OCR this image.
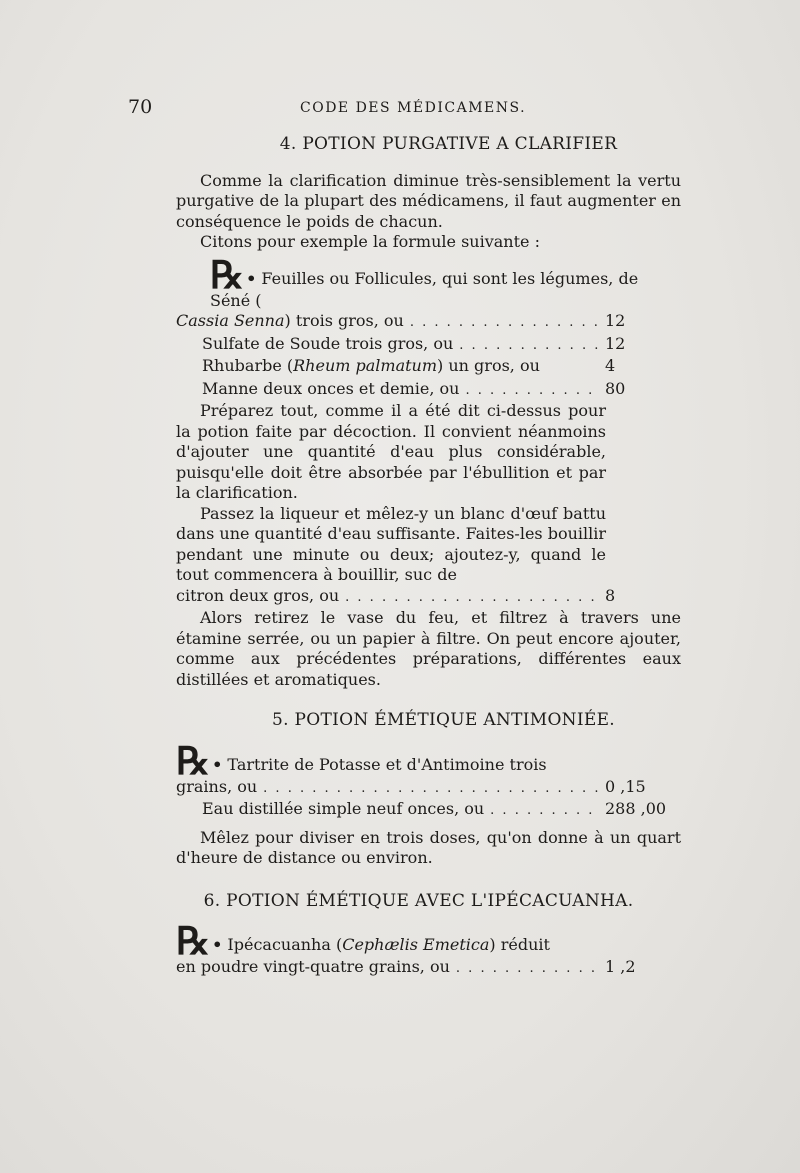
70	CODE DES MÉDICAMENS.
4. POTION PURGATIVE A CLARIFIER

Comme la clarification diminue très-sensiblement la vertu purgative de la plupart des médicamens, il faut augmenter en conséquence le poids de chacun.

Citons pour exemple la formule suivante :

℞ • Feuilles ou Follicules, qui sont les légumes, de Séné (
Cassia Senna) trois gros, ou . . .	12
Sulfate de Soude trois gros, ou . . .	12
Rhubarbe (Rheum palmatum) un gros, ou	4
Manne deux onces et demie, ou . . .	80

Préparez tout, comme il a été dit ci-dessus pour la potion faite par décoction. Il convient néanmoins d'ajouter une quantité d'eau plus considérable, puisqu'elle doit être absorbée par l'ébullition et par la clarification.

Passez la liqueur et mêlez-y un blanc d'œuf battu dans une quantité d'eau suffisante. Faites-les bouillir pendant une minute ou deux; ajoutez-y, quand le tout commencera à bouillir, suc de

citron deux gros, ou . . .	8

Alors retirez le vase du feu, et filtrez à travers une étamine serrée, ou un papier à filtre. On peut encore ajouter, comme aux précédentes préparations, différentes eaux distillées et aromatiques.

5. POTION ÉMÉTIQUE ANTIMONIÉE.
℞ • Tartrite de Potasse et d'Antimoine trois
grains, ou . . .	0 ,15
Eau distillée simple neuf onces, ou . . .	288 ,00

Mêlez pour diviser en trois doses, qu'on donne à un quart d'heure de distance ou environ.

6. POTION ÉMÉTIQUE AVEC L'IPÉCACUANHA.
℞ • Ipécacuanha (Cephælis Emetica) réduit
en poudre vingt-quatre grains, ou . . .	1 ,2
